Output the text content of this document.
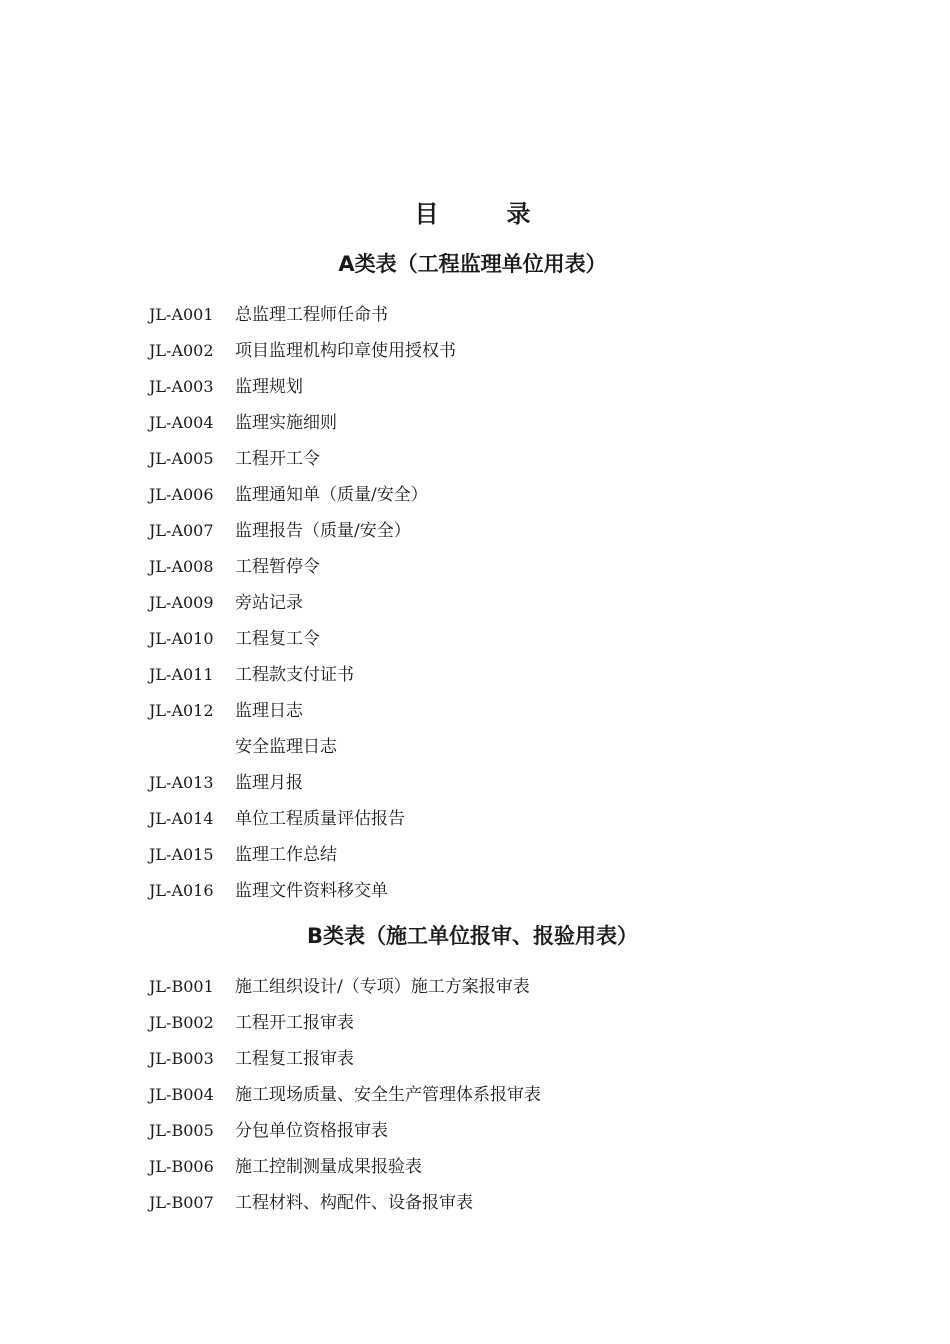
目　录
A类表（工程监理单位用表）
JL-A001 总监理工程师任命书
JL-A002 项目监理机构印章使用授权书
JL-A003 监理规划
JL-A004 监理实施细则
JL-A005 工程开工令
JL-A006 监理通知单（质量/安全）
JL-A007 监理报告（质量/安全）
JL-A008 工程暂停令
JL-A009 旁站记录
JL-A010 工程复工令
JL-A011 工程款支付证书
JL-A012 监理日志
安全监理日志
JL-A013 监理月报
JL-A014 单位工程质量评估报告
JL-A015 监理工作总结
JL-A016 监理文件资料移交单
B类表（施工单位报审、报验用表）
JL-B001 施工组织设计/（专项）施工方案报审表
JL-B002 工程开工报审表
JL-B003 工程复工报审表
JL-B004 施工现场质量、安全生产管理体系报审表
JL-B005 分包单位资格报审表
JL-B006 施工控制测量成果报验表
JL-B007 工程材料、构配件、设备报审表
